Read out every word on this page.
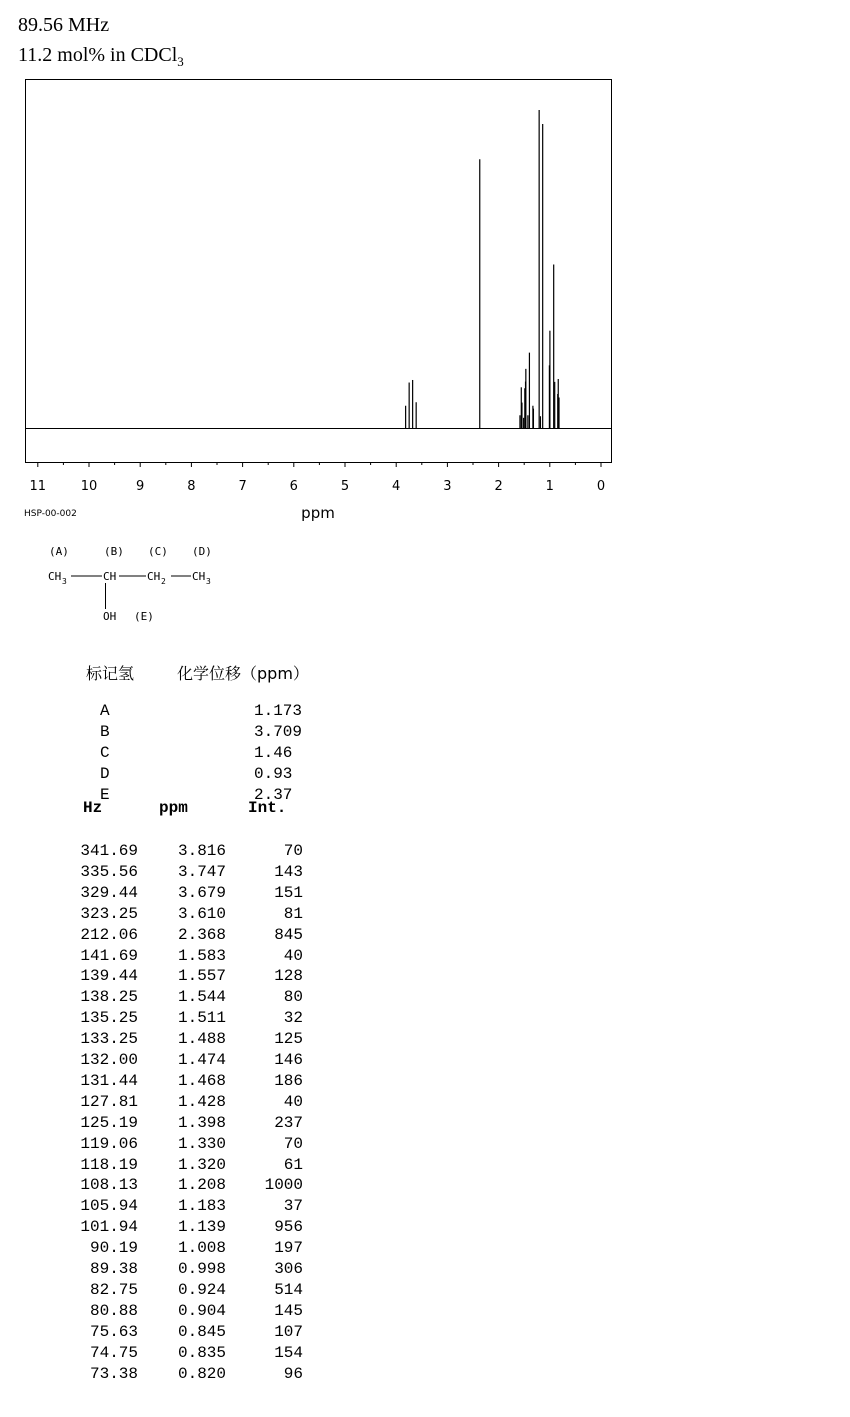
89.56 MHz
11.2 mol% in CDCl$_3$
11	10	9	8	7	6	5	4	3	2	1	0
ppm
HSP-00-002
(A)	(B) (C) (D)
CH 3	CH	CH 2 CH 3
OH (E)
标记氢	化学位移（ppm）
A	1.173
B	3.709
C	1.46
D	0.93
E	2.37
Hz	ppm	Int.
341.69 3.816	70
335.56 3.747	143
329.44 3.679	151
323.25 3.610	81
212.06 2.368	845
141.69 1.583	40
139.44 1.557	128
138.25 1.544	80
135.25 1.511	32
133.25 1.488	125
132.00 1.474	146
131.44 1.468	186
127.81 1.428	40
125.19 1.398	237
119.06 1.330	70
118.19 1.320	61
108.13 1.208 1000
105.94 1.183	37
101.94 1.139	956
90.19 1.008	197
89.38 0.998	306
82.75 0.924	514
80.88 0.904	145
75.63 0.845	107
74.75 0.835	154
73.38 0.820	96
